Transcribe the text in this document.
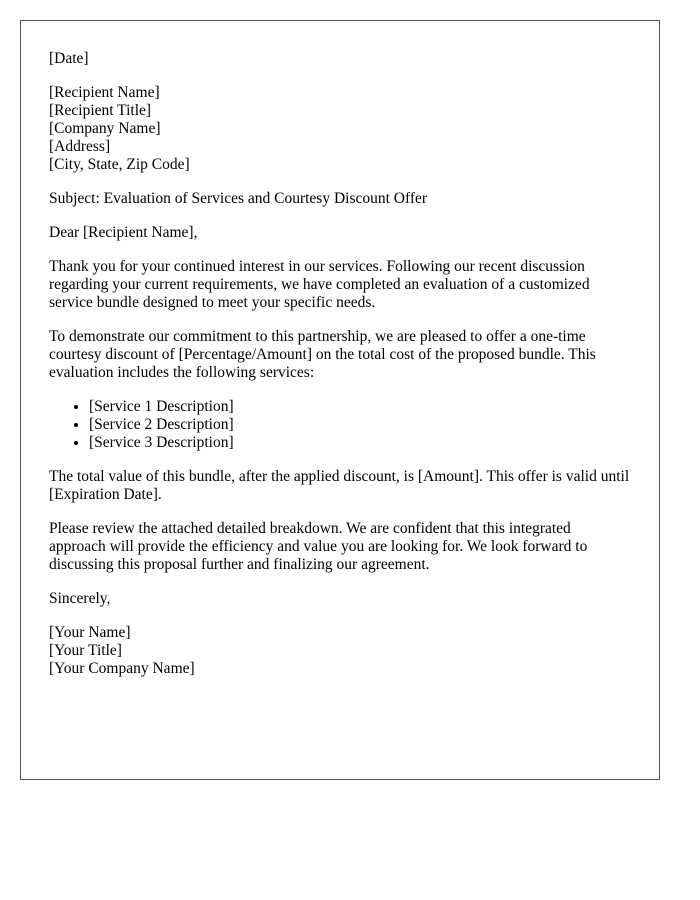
[Date]
[Recipient Name]
[Recipient Title]
[Company Name]
[Address]
[City, State, Zip Code]

Subject: Evaluation of Services and Courtesy Discount Offer

Dear [Recipient Name],

Thank you for your continued interest in our services. Following our recent discussion regarding your current requirements, we have completed an evaluation of a customized service bundle designed to meet your specific needs.

To demonstrate our commitment to this partnership, we are pleased to offer a one-time courtesy discount of [Percentage/Amount] on the total cost of the proposed bundle. This evaluation includes the following services:

• [Service 1 Description]
• [Service 2 Description]
• [Service 3 Description]

The total value of this bundle, after the applied discount, is [Amount]. This offer is valid until [Expiration Date].

Please review the attached detailed breakdown. We are confident that this integrated approach will provide the efficiency and value you are looking for. We look forward to discussing this proposal further and finalizing our agreement.

Sincerely,

[Your Name]
[Your Title]
[Your Company Name]
